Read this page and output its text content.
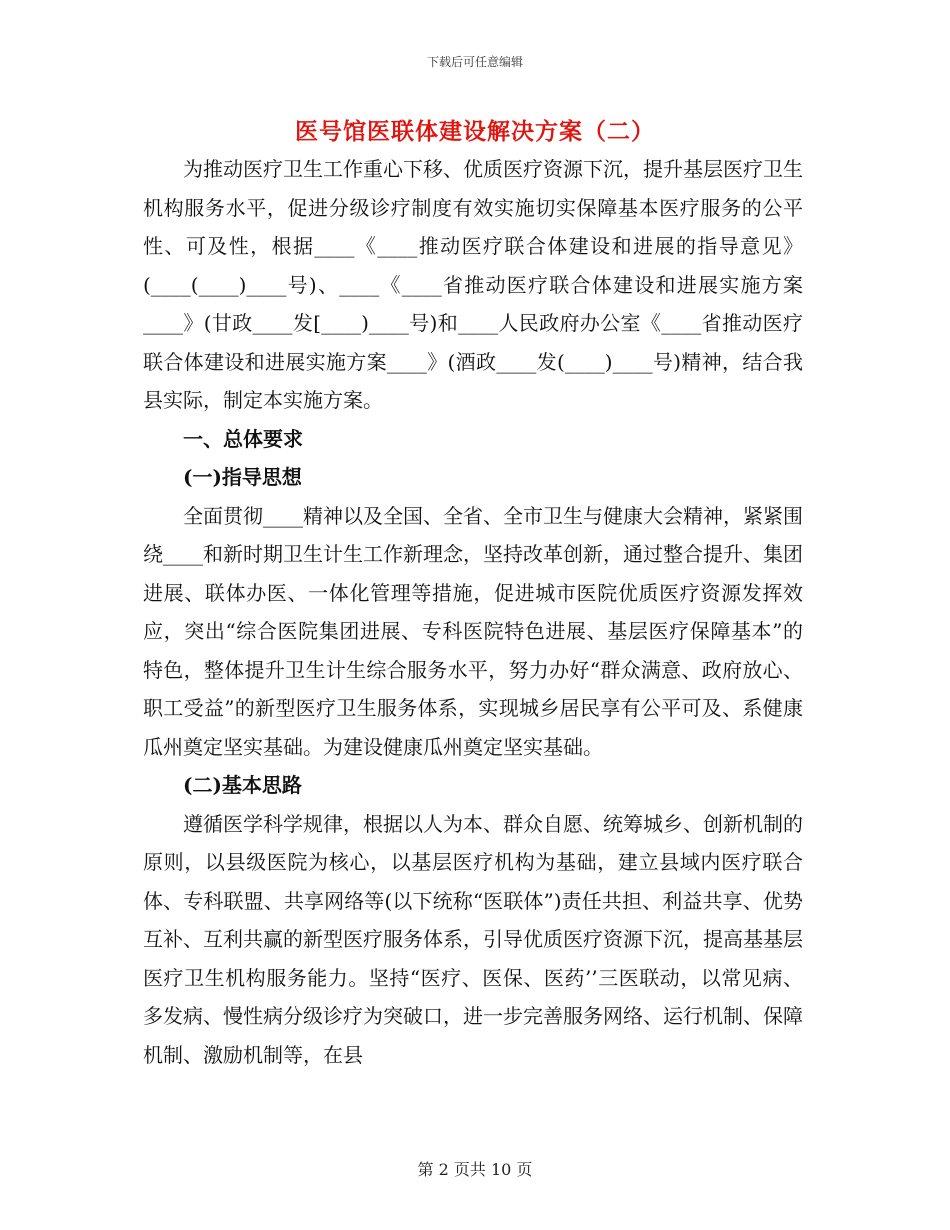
下载后可任意编辑
医号馆医联体建设解决方案（二）

为推动医疗卫生工作重心下移、优质医疗资源下沉，提升基层医疗卫生机构服务水平，促进分级诊疗制度有效实施切实保障基本医疗服务的公平性、可及性，根据____《____推动医疗联合体建设和进展的指导意见》(____(____)____号)、____《____省推动医疗联合体建设和进展实施方案____》(甘政____发[____)____号)和____人民政府办公室《____省推动医疗联合体建设和进展实施方案____》(酒政____发(____)____号)精神，结合我县实际，制定本实施方案。

一、总体要求
(一)指导思想

全面贯彻____精神以及全国、全省、全市卫生与健康大会精神，紧紧围绕____和新时期卫生计生工作新理念，坚持改革创新，通过整合提升、集团进展、联体办医、一体化管理等措施，促进城市医院优质医疗资源发挥效应，突出“综合医院集团进展、专科医院特色进展、基层医疗保障基本”的特色，整体提升卫生计生综合服务水平，努力办好“群众满意、政府放心、职工受益”的新型医疗卫生服务体系，实现城乡居民享有公平可及、系健康瓜州奠定坚实基础。为建设健康瓜州奠定坚实基础。

(二)基本思路

遵循医学科学规律，根据以人为本、群众自愿、统筹城乡、创新机制的原则，以县级医院为核心，以基层医疗机构为基础，建立县域内医疗联合体、专科联盟、共享网络等(以下统称“医联体”)责任共担、利益共享、优势互补、互利共赢的新型医疗服务体系，引导优质医疗资源下沉，提高基基层医疗卫生机构服务能力。坚持“医疗、医保、医药’’三医联动，以常见病、多发病、慢性病分级诊疗为突破口，进一步完善服务网络、运行机制、保障机制、激励机制等，在县

第 2 页共 10 页
